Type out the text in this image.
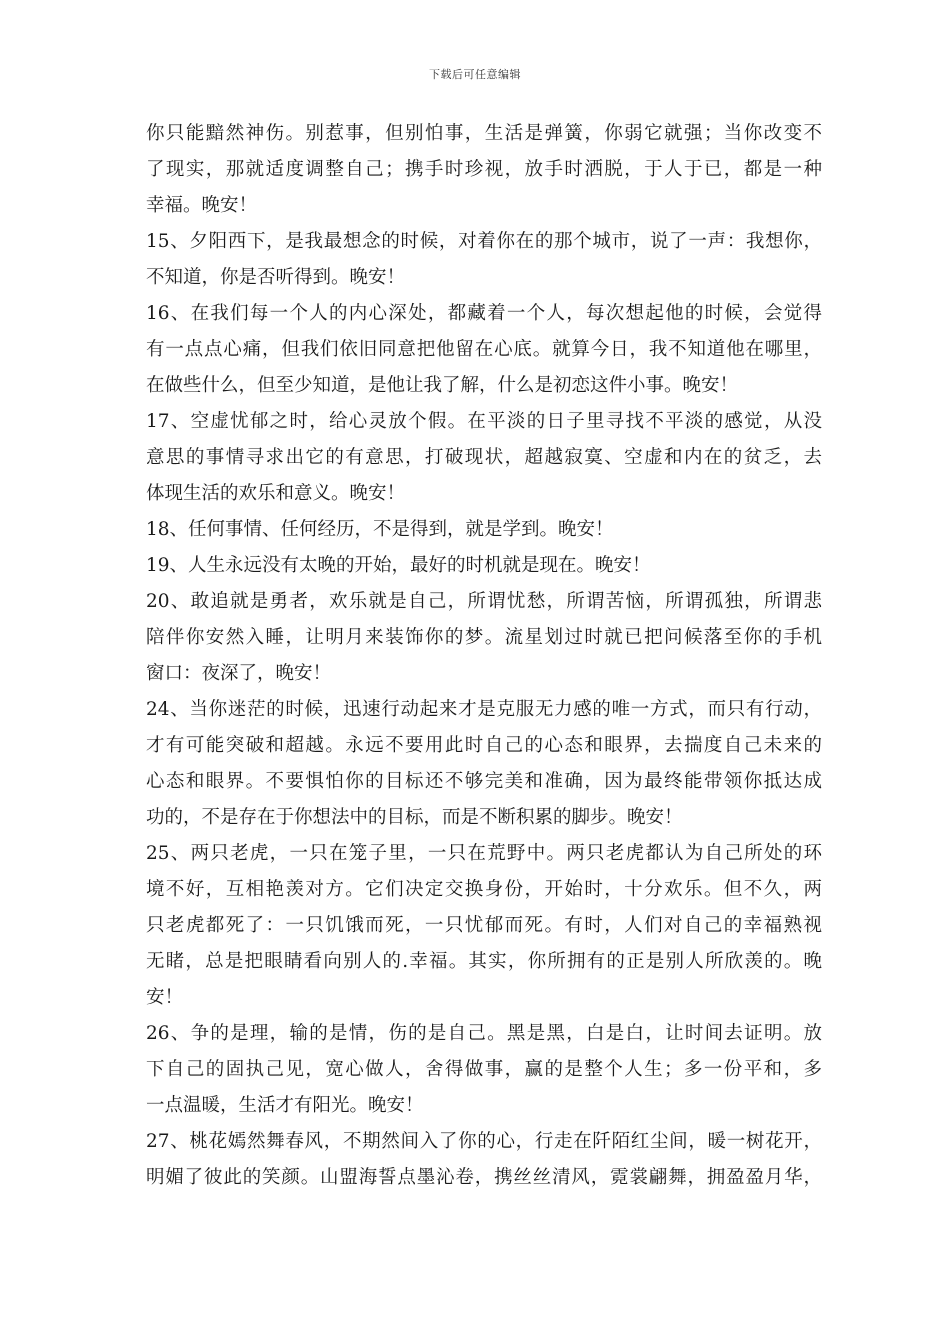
下载后可任意编辑
你只能黯然神伤。别惹事，但别怕事，生活是弹簧，你弱它就强；当你改变不
了现实，那就适度调整自己；携手时珍视，放手时洒脱，于人于已，都是一种
幸福。晚安！
15、夕阳西下，是我最想念的时候，对着你在的那个城市，说了一声：我想你，
不知道，你是否听得到。晚安！
16、在我们每一个人的内心深处，都藏着一个人，每次想起他的时候，会觉得
有一点点心痛，但我们依旧同意把他留在心底。就算今日，我不知道他在哪里，
在做些什么，但至少知道，是他让我了解，什么是初恋这件小事。晚安！
17、空虚忧郁之时，给心灵放个假。在平淡的日子里寻找不平淡的感觉，从没
意思的事情寻求出它的有意思，打破现状，超越寂寞、空虚和内在的贫乏，去
体现生活的欢乐和意义。晚安！
18、任何事情、任何经历，不是得到，就是学到。晚安！
19、人生永远没有太晚的开始，最好的时机就是现在。晚安！
20、敢追就是勇者，欢乐就是自己，所谓忧愁，所谓苦恼，所谓孤独，所谓悲
陪伴你安然入睡，让明月来装饰你的梦。流星划过时就已把问候落至你的手机
窗口：夜深了，晚安！
24、当你迷茫的时候，迅速行动起来才是克服无力感的唯一方式，而只有行动，
才有可能突破和超越。永远不要用此时自己的心态和眼界，去揣度自己未来的
心态和眼界。不要惧怕你的目标还不够完美和准确，因为最终能带领你抵达成
功的，不是存在于你想法中的目标，而是不断积累的脚步。晚安！
25、两只老虎，一只在笼子里，一只在荒野中。两只老虎都认为自己所处的环
境不好，互相艳羡对方。它们决定交换身份，开始时，十分欢乐。但不久，两
只老虎都死了：一只饥饿而死，一只忧郁而死。有时，人们对自己的幸福熟视
无睹，总是把眼睛看向别人的.幸福。其实，你所拥有的正是别人所欣羡的。晚
安！
26、争的是理，输的是情，伤的是自己。黑是黑，白是白，让时间去证明。放
下自己的固执己见，宽心做人，舍得做事，赢的是整个人生；多一份平和，多
一点温暖，生活才有阳光。晚安！
27、桃花嫣然舞春风，不期然间入了你的心，行走在阡陌红尘间，暖一树花开，
明媚了彼此的笑颜。山盟海誓点墨沁卷，携丝丝清风，霓裳翩舞，拥盈盈月华，
